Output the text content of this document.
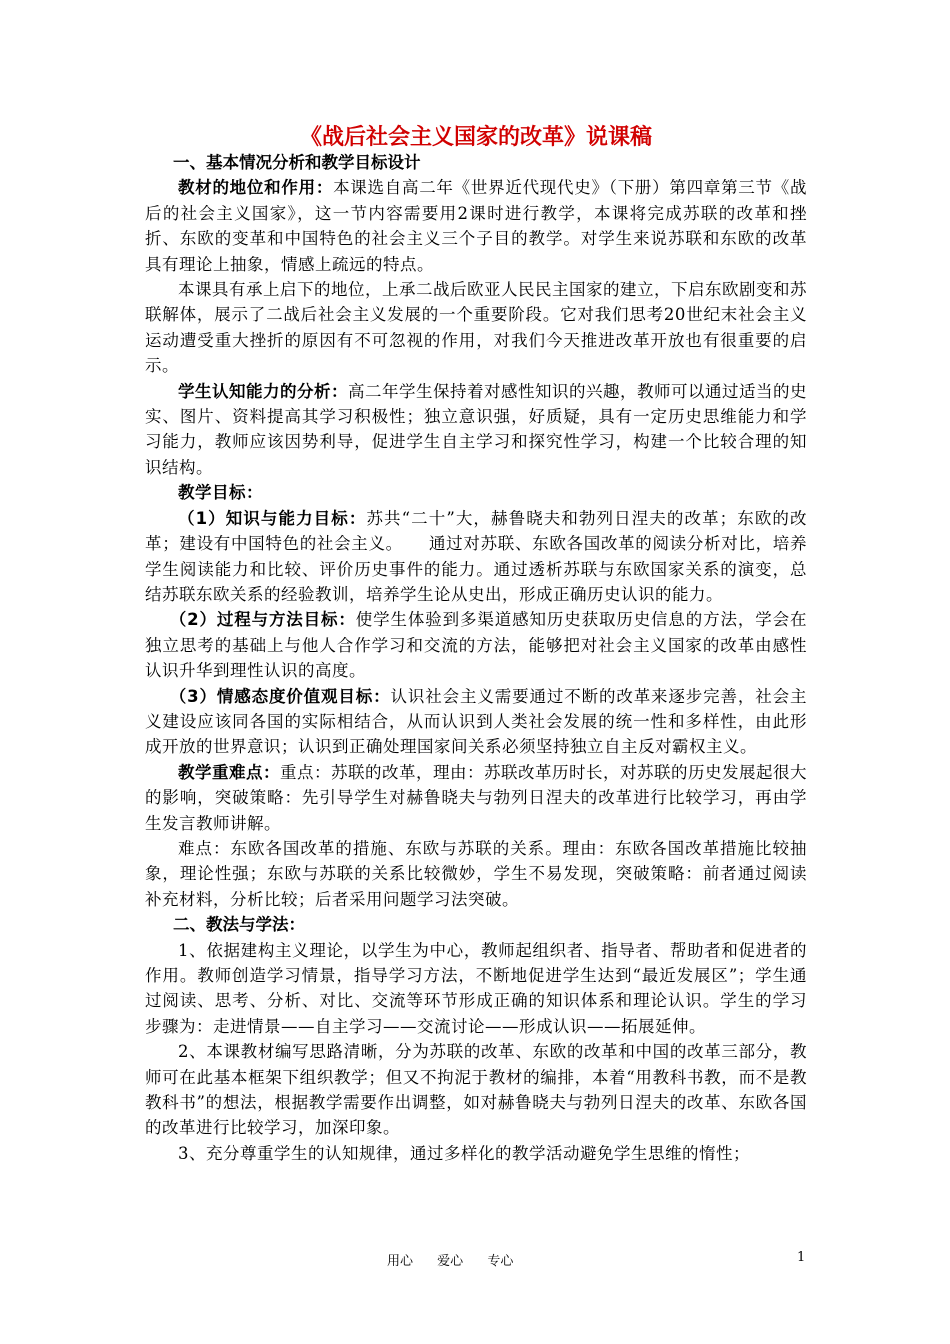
《战后社会主义国家的改革》说课稿
一、基本情况分析和教学目标设计

教材的地位和作用：本课选自高二年《世界近代现代史》（下册）第四章第三节《战后的社会主义国家》，这一节内容需要用2课时进行教学，本课将完成苏联的改革和挫折、东欧的变革和中国特色的社会主义三个子目的教学。对学生来说苏联和东欧的改革具有理论上抽象，情感上疏远的特点。

本课具有承上启下的地位，上承二战后欧亚人民民主国家的建立，下启东欧剧变和苏联解体，展示了二战后社会主义发展的一个重要阶段。它对我们思考20世纪末社会主义运动遭受重大挫折的原因有不可忽视的作用，对我们今天推进改革开放也有很重要的启示。

学生认知能力的分析：高二年学生保持着对感性知识的兴趣，教师可以通过适当的史实、图片、资料提高其学习积极性；独立意识强，好质疑，具有一定历史思维能力和学习能力，教师应该因势利导，促进学生自主学习和探究性学习，构建一个比较合理的知识结构。

教学目标：

（1）知识与能力目标：苏共“二十”大，赫鲁晓夫和勃列日涅夫的改革；东欧的改革；建设有中国特色的社会主义。　　通过对苏联、东欧各国改革的阅读分析对比，培养学生阅读能力和比较、评价历史事件的能力。通过透析苏联与东欧国家关系的演变，总结苏联东欧关系的经验教训，培养学生论从史出，形成正确历史认识的能力。

（2）过程与方法目标：使学生体验到多渠道感知历史获取历史信息的方法，学会在独立思考的基础上与他人合作学习和交流的方法，能够把对社会主义国家的改革由感性认识升华到理性认识的高度。

（3）情感态度价值观目标：认识社会主义需要通过不断的改革来逐步完善，社会主义建设应该同各国的实际相结合，从而认识到人类社会发展的统一性和多样性，由此形成开放的世界意识；认识到正确处理国家间关系必须坚持独立自主反对霸权主义。

教学重难点：重点：苏联的改革，理由：苏联改革历时长，对苏联的历史发展起很大的影响，突破策略：先引导学生对赫鲁晓夫与勃列日涅夫的改革进行比较学习，再由学生发言教师讲解。

难点：东欧各国改革的措施、东欧与苏联的关系。理由：东欧各国改革措施比较抽象，理论性强；东欧与苏联的关系比较微妙，学生不易发现，突破策略：前者通过阅读补充材料，分析比较；后者采用问题学习法突破。

二、教法与学法：

1、依据建构主义理论，以学生为中心，教师起组织者、指导者、帮助者和促进者的作用。教师创造学习情景，指导学习方法，不断地促进学生达到“最近发展区”；学生通过阅读、思考、分析、对比、交流等环节形成正确的知识体系和理论认识。学生的学习步骤为：走进情景——自主学习——交流讨论——形成认识——拓展延伸。

2、本课教材编写思路清晰，分为苏联的改革、东欧的改革和中国的改革三部分，教师可在此基本框架下组织教学；但又不拘泥于教材的编排，本着“用教科书教，而不是教教科书”的想法，根据教学需要作出调整，如对赫鲁晓夫与勃列日涅夫的改革、东欧各国的改革进行比较学习，加深印象。

3、充分尊重学生的认知规律，通过多样化的教学活动避免学生思维的惰性；

用心 爱心 专心	1
